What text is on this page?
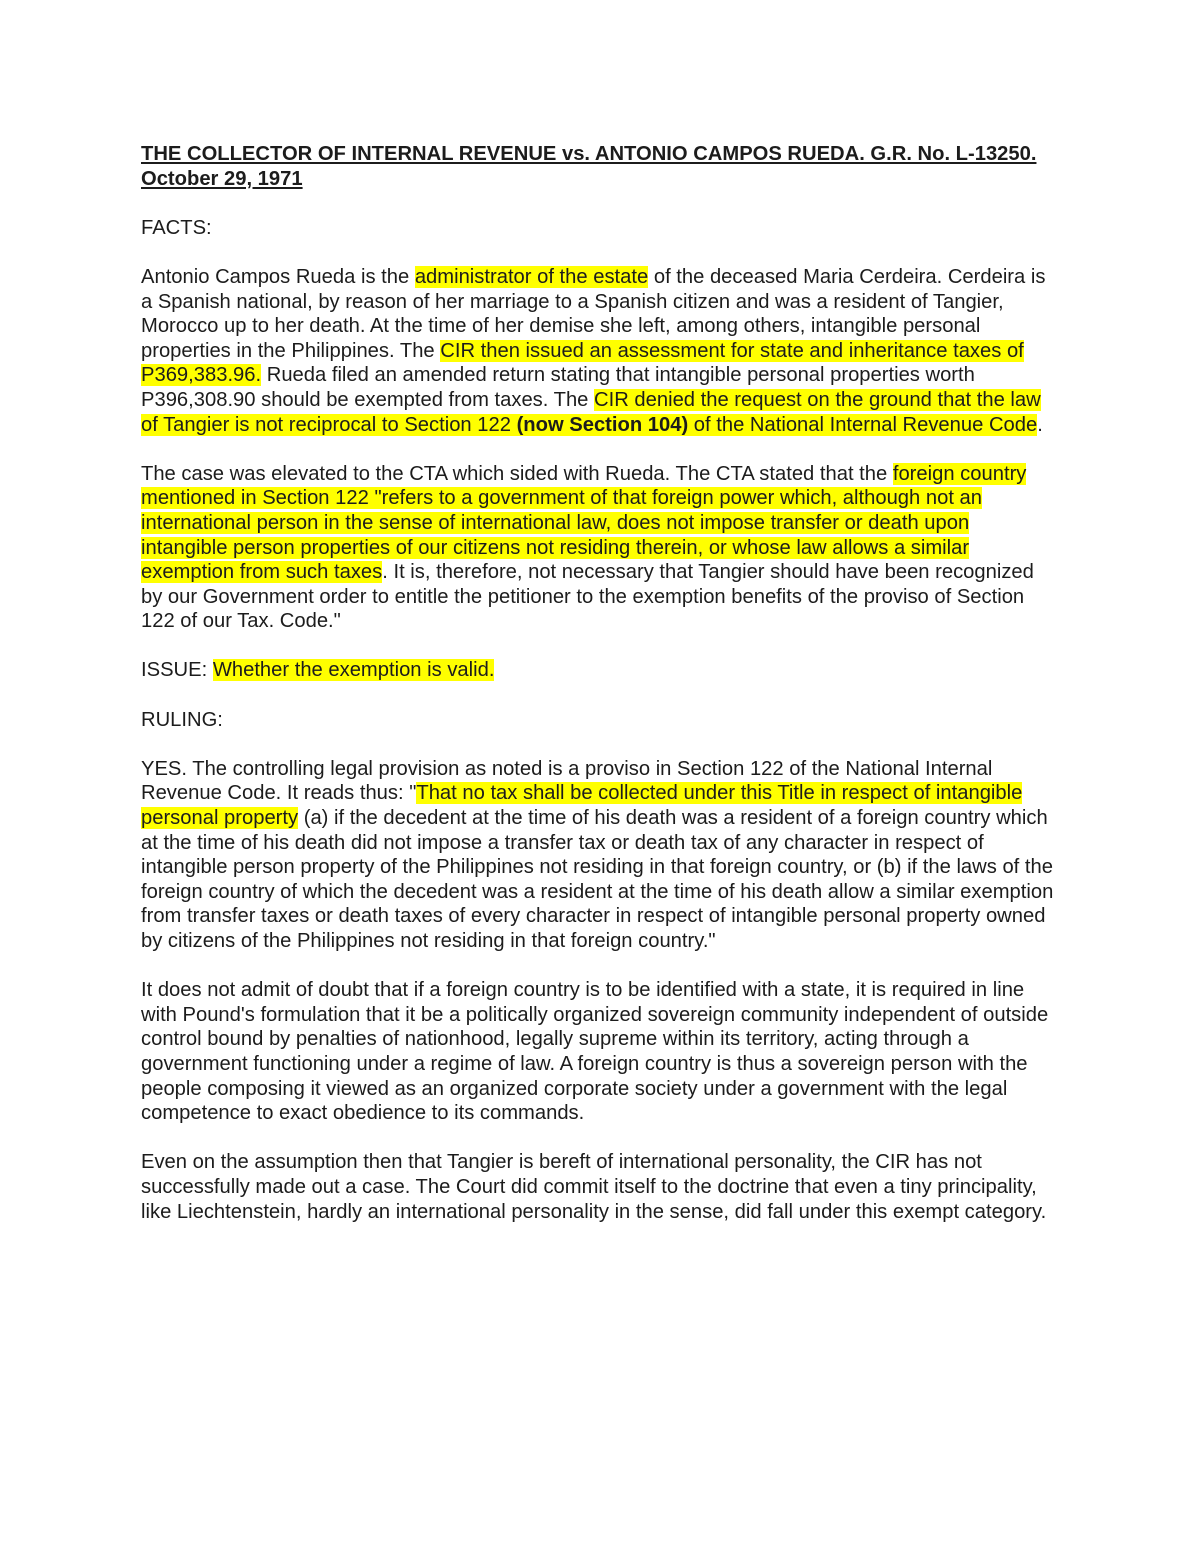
THE COLLECTOR OF INTERNAL REVENUE vs. ANTONIO CAMPOS RUEDA. G.R. No. L-13250. October 29, 1971
FACTS:
Antonio Campos Rueda is the administrator of the estate of the deceased Maria Cerdeira. Cerdeira is a Spanish national, by reason of her marriage to a Spanish citizen and was a resident of Tangier, Morocco up to her death. At the time of her demise she left, among others, intangible personal properties in the Philippines. The CIR then issued an assessment for state and inheritance taxes of P369,383.96. Rueda filed an amended return stating that intangible personal properties worth P396,308.90 should be exempted from taxes. The CIR denied the request on the ground that the law of Tangier is not reciprocal to Section 122 (now Section 104) of the National Internal Revenue Code.
The case was elevated to the CTA which sided with Rueda. The CTA stated that the foreign country mentioned in Section 122 "refers to a government of that foreign power which, although not an international person in the sense of international law, does not impose transfer or death upon intangible person properties of our citizens not residing therein, or whose law allows a similar exemption from such taxes. It is, therefore, not necessary that Tangier should have been recognized by our Government order to entitle the petitioner to the exemption benefits of the proviso of Section 122 of our Tax. Code."
ISSUE: Whether the exemption is valid.
RULING:
YES. The controlling legal provision as noted is a proviso in Section 122 of the National Internal Revenue Code. It reads thus: "That no tax shall be collected under this Title in respect of intangible personal property (a) if the decedent at the time of his death was a resident of a foreign country which at the time of his death did not impose a transfer tax or death tax of any character in respect of intangible person property of the Philippines not residing in that foreign country, or (b) if the laws of the foreign country of which the decedent was a resident at the time of his death allow a similar exemption from transfer taxes or death taxes of every character in respect of intangible personal property owned by citizens of the Philippines not residing in that foreign country."
It does not admit of doubt that if a foreign country is to be identified with a state, it is required in line with Pound's formulation that it be a politically organized sovereign community independent of outside control bound by penalties of nationhood, legally supreme within its territory, acting through a government functioning under a regime of law. A foreign country is thus a sovereign person with the people composing it viewed as an organized corporate society under a government with the legal competence to exact obedience to its commands.
Even on the assumption then that Tangier is bereft of international personality, the CIR has not successfully made out a case. The Court did commit itself to the doctrine that even a tiny principality, like Liechtenstein, hardly an international personality in the sense, did fall under this exempt category.
